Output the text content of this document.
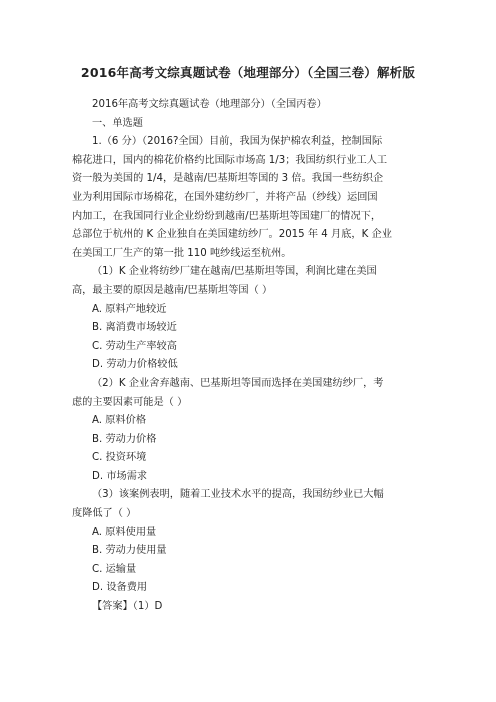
2016年高考文综真题试卷（地理部分）（全国三卷）解析版
2016年高考文综真题试卷（地理部分）（全国丙卷）
一、单选题
1.（6 分）（2016?全国）目前，我国为保护棉农利益，控制国际
棉花进口，国内的棉花价格约比国际市场高 1/3；我国纺织行业工人工
资一般为美国的 1/4，是越南/巴基斯坦等国的 3 倍。我国一些纺织企
业为利用国际市场棉花，在国外建纺纱厂，并将产品（纱线）运回国
内加工，在我国同行业企业纷纷到越南/巴基斯坦等国建厂的情况下，
总部位于杭州的 K 企业独自在美国建纺纱厂。2015 年 4 月底，K 企业
在美国工厂生产的第一批 110 吨纱线运至杭州。
（1）K 企业将纺纱厂建在越南/巴基斯坦等国，利润比建在美国
高，最主要的原因是越南/巴基斯坦等国（ ）
A. 原料产地较近
B. 离消费市场较近
C. 劳动生产率较高
D. 劳动力价格较低
（2）K 企业舍弃越南、巴基斯坦等国而选择在美国建纺纱厂，考
虑的主要因素可能是（ ）
A. 原料价格
B. 劳动力价格
C. 投资环境
D. 市场需求
（3）该案例表明，随着工业技术水平的提高，我国纺纱业已大幅
度降低了（ ）
A. 原料使用量
B. 劳动力使用量
C. 运输量
D. 设备费用
【答案】（1）D
